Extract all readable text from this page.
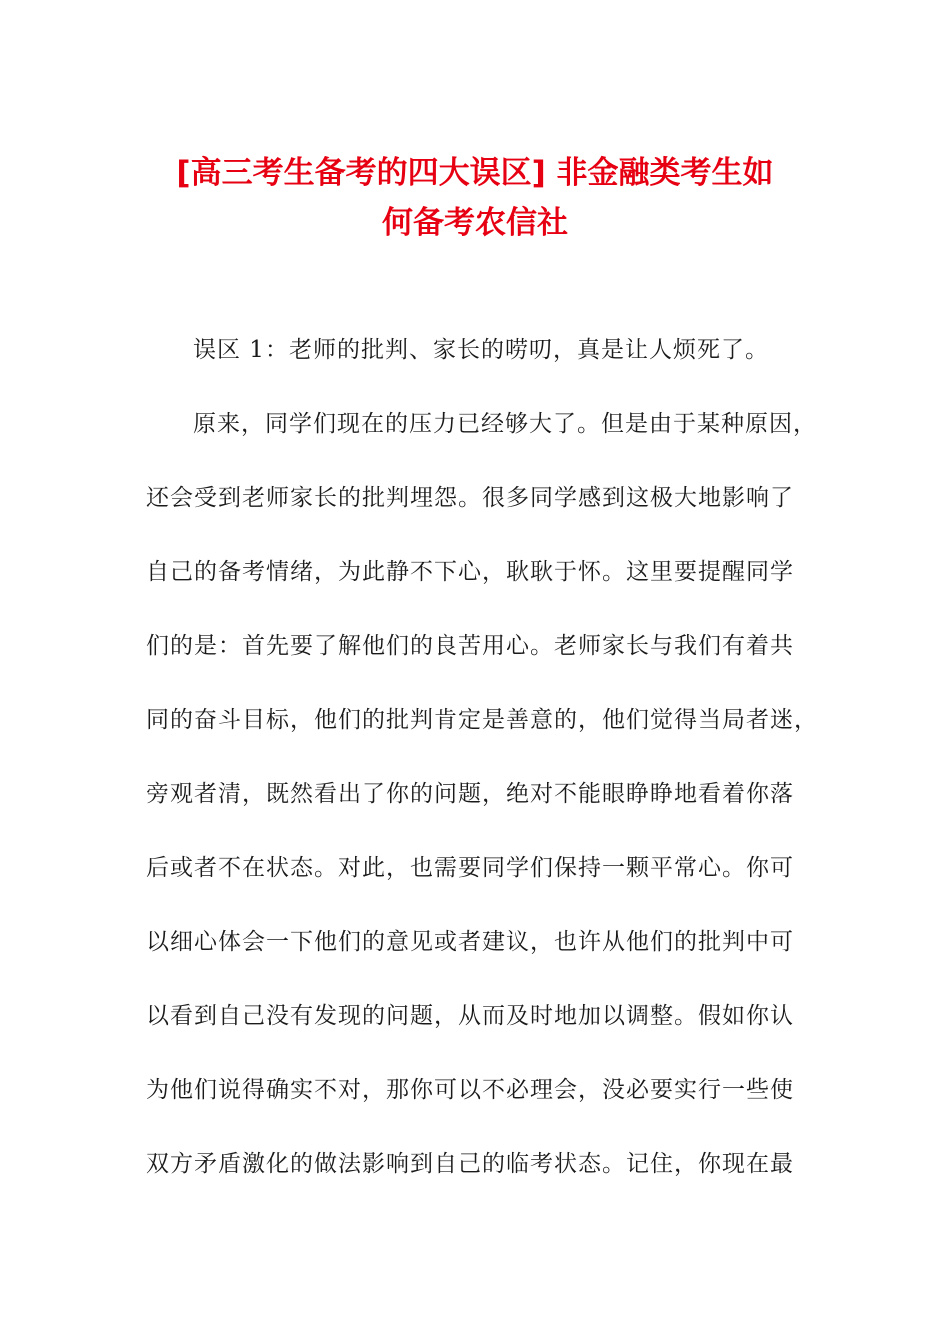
[高三考生备考的四大误区] 非金融类考生如
何备考农信社
误区 1：老师的批判、家长的唠叨，真是让人烦死了。
原来，同学们现在的压力已经够大了。但是由于某种原因，
还会受到老师家长的批判埋怨。很多同学感到这极大地影响了
自己的备考情绪，为此静不下心，耿耿于怀。这里要提醒同学
们的是：首先要了解他们的良苦用心。老师家长与我们有着共
同的奋斗目标，他们的批判肯定是善意的，他们觉得当局者迷，
旁观者清，既然看出了你的问题，绝对不能眼睁睁地看着你落
后或者不在状态。对此，也需要同学们保持一颗平常心。你可
以细心体会一下他们的意见或者建议，也许从他们的批判中可
以看到自己没有发现的问题，从而及时地加以调整。假如你认
为他们说得确实不对，那你可以不必理会，没必要实行一些使
双方矛盾激化的做法影响到自己的临考状态。记住，你现在最
